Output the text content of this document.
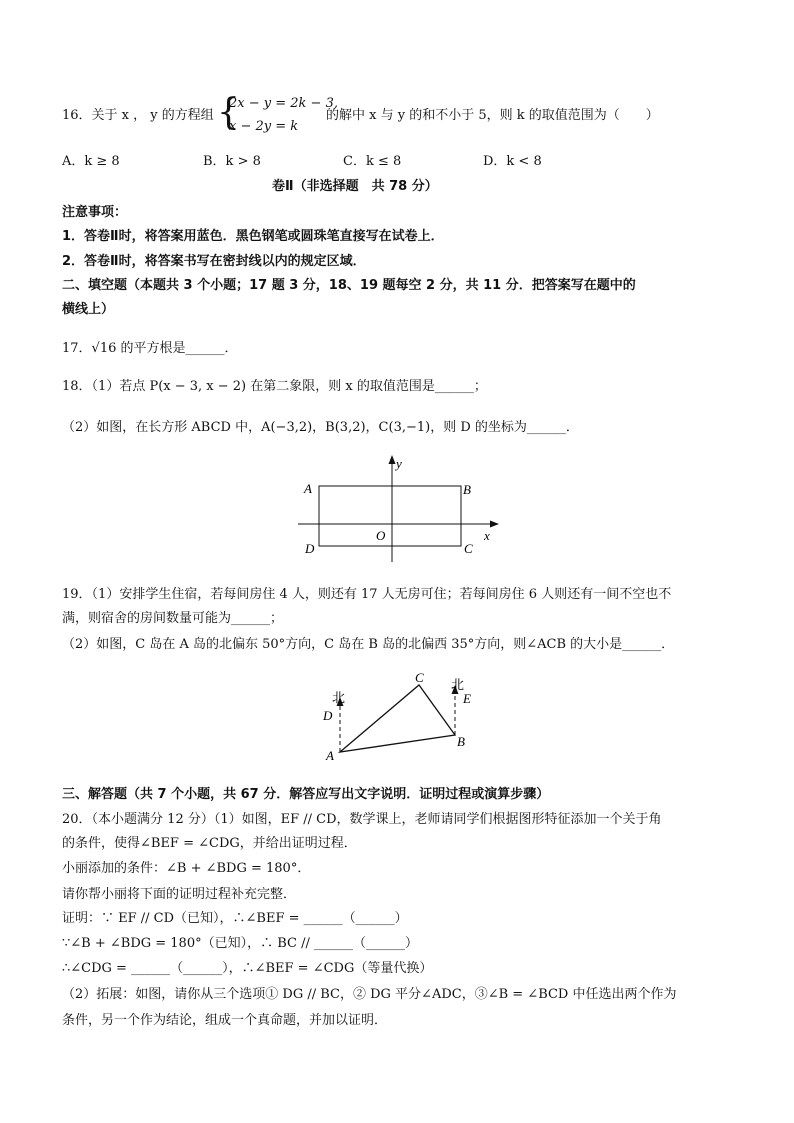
16．关于 x ， y 的方程组 {
2x − y = 2k − 3,
x − 2y = k
的解中 x 与 y 的和不小于 5，则 k 的取值范围为（　　）
A．k ≥ 8	B．k > 8	C．k ≤ 8	D．k < 8
卷Ⅱ（非选择题　共 78 分）
注意事项：
1．答卷Ⅱ时，将答案用蓝色．黑色钢笔或圆珠笔直接写在试卷上．
2．答卷Ⅱ时，将答案书写在密封线以内的规定区域．
二、填空题（本题共 3 个小题；17 题 3 分，18、19 题每空 2 分，共 11 分．把答案写在题中的
横线上）
17．√16 的平方根是______．
18．（1）若点 P(x − 3, x − 2) 在第二象限，则 x 的取值范围是______；
（2）如图，在长方形 ABCD 中，A(−3,2)，B(3,2)，C(3,−1)，则 D 的坐标为______．
y
A	B
O	x
D	C
19．（1）安排学生住宿，若每间房住 4 人，则还有 17 人无房可住；若每间房住 6 人则还有一间不空也不
满，则宿舍的房间数量可能为______；
（2）如图，C 岛在 A 岛的北偏东 50°方向，C 岛在 B 岛的北偏西 35°方向，则∠ACB 的大小是______．
北
D
C 北
E
A
B
三、解答题（共 7 个小题，共 67 分．解答应写出文字说明．证明过程或演算步骤）
20．（本小题满分 12 分）（1）如图，EF // CD，数学课上，老师请同学们根据图形特征添加一个关于角
的条件，使得∠BEF = ∠CDG，并给出证明过程．
小丽添加的条件：∠B + ∠BDG = 180°．
请你帮小丽将下面的证明过程补充完整．
证明：∵ EF // CD（已知），∴∠BEF = ______（______）
∵∠B + ∠BDG = 180°（已知），∴ BC // ______（______）
∴∠CDG = ______（______），∴∠BEF = ∠CDG（等量代换）
（2）拓展：如图，请你从三个选项① DG // BC，② DG 平分∠ADC，③∠B = ∠BCD 中任选出两个作为
条件，另一个作为结论，组成一个真命题，并加以证明．
